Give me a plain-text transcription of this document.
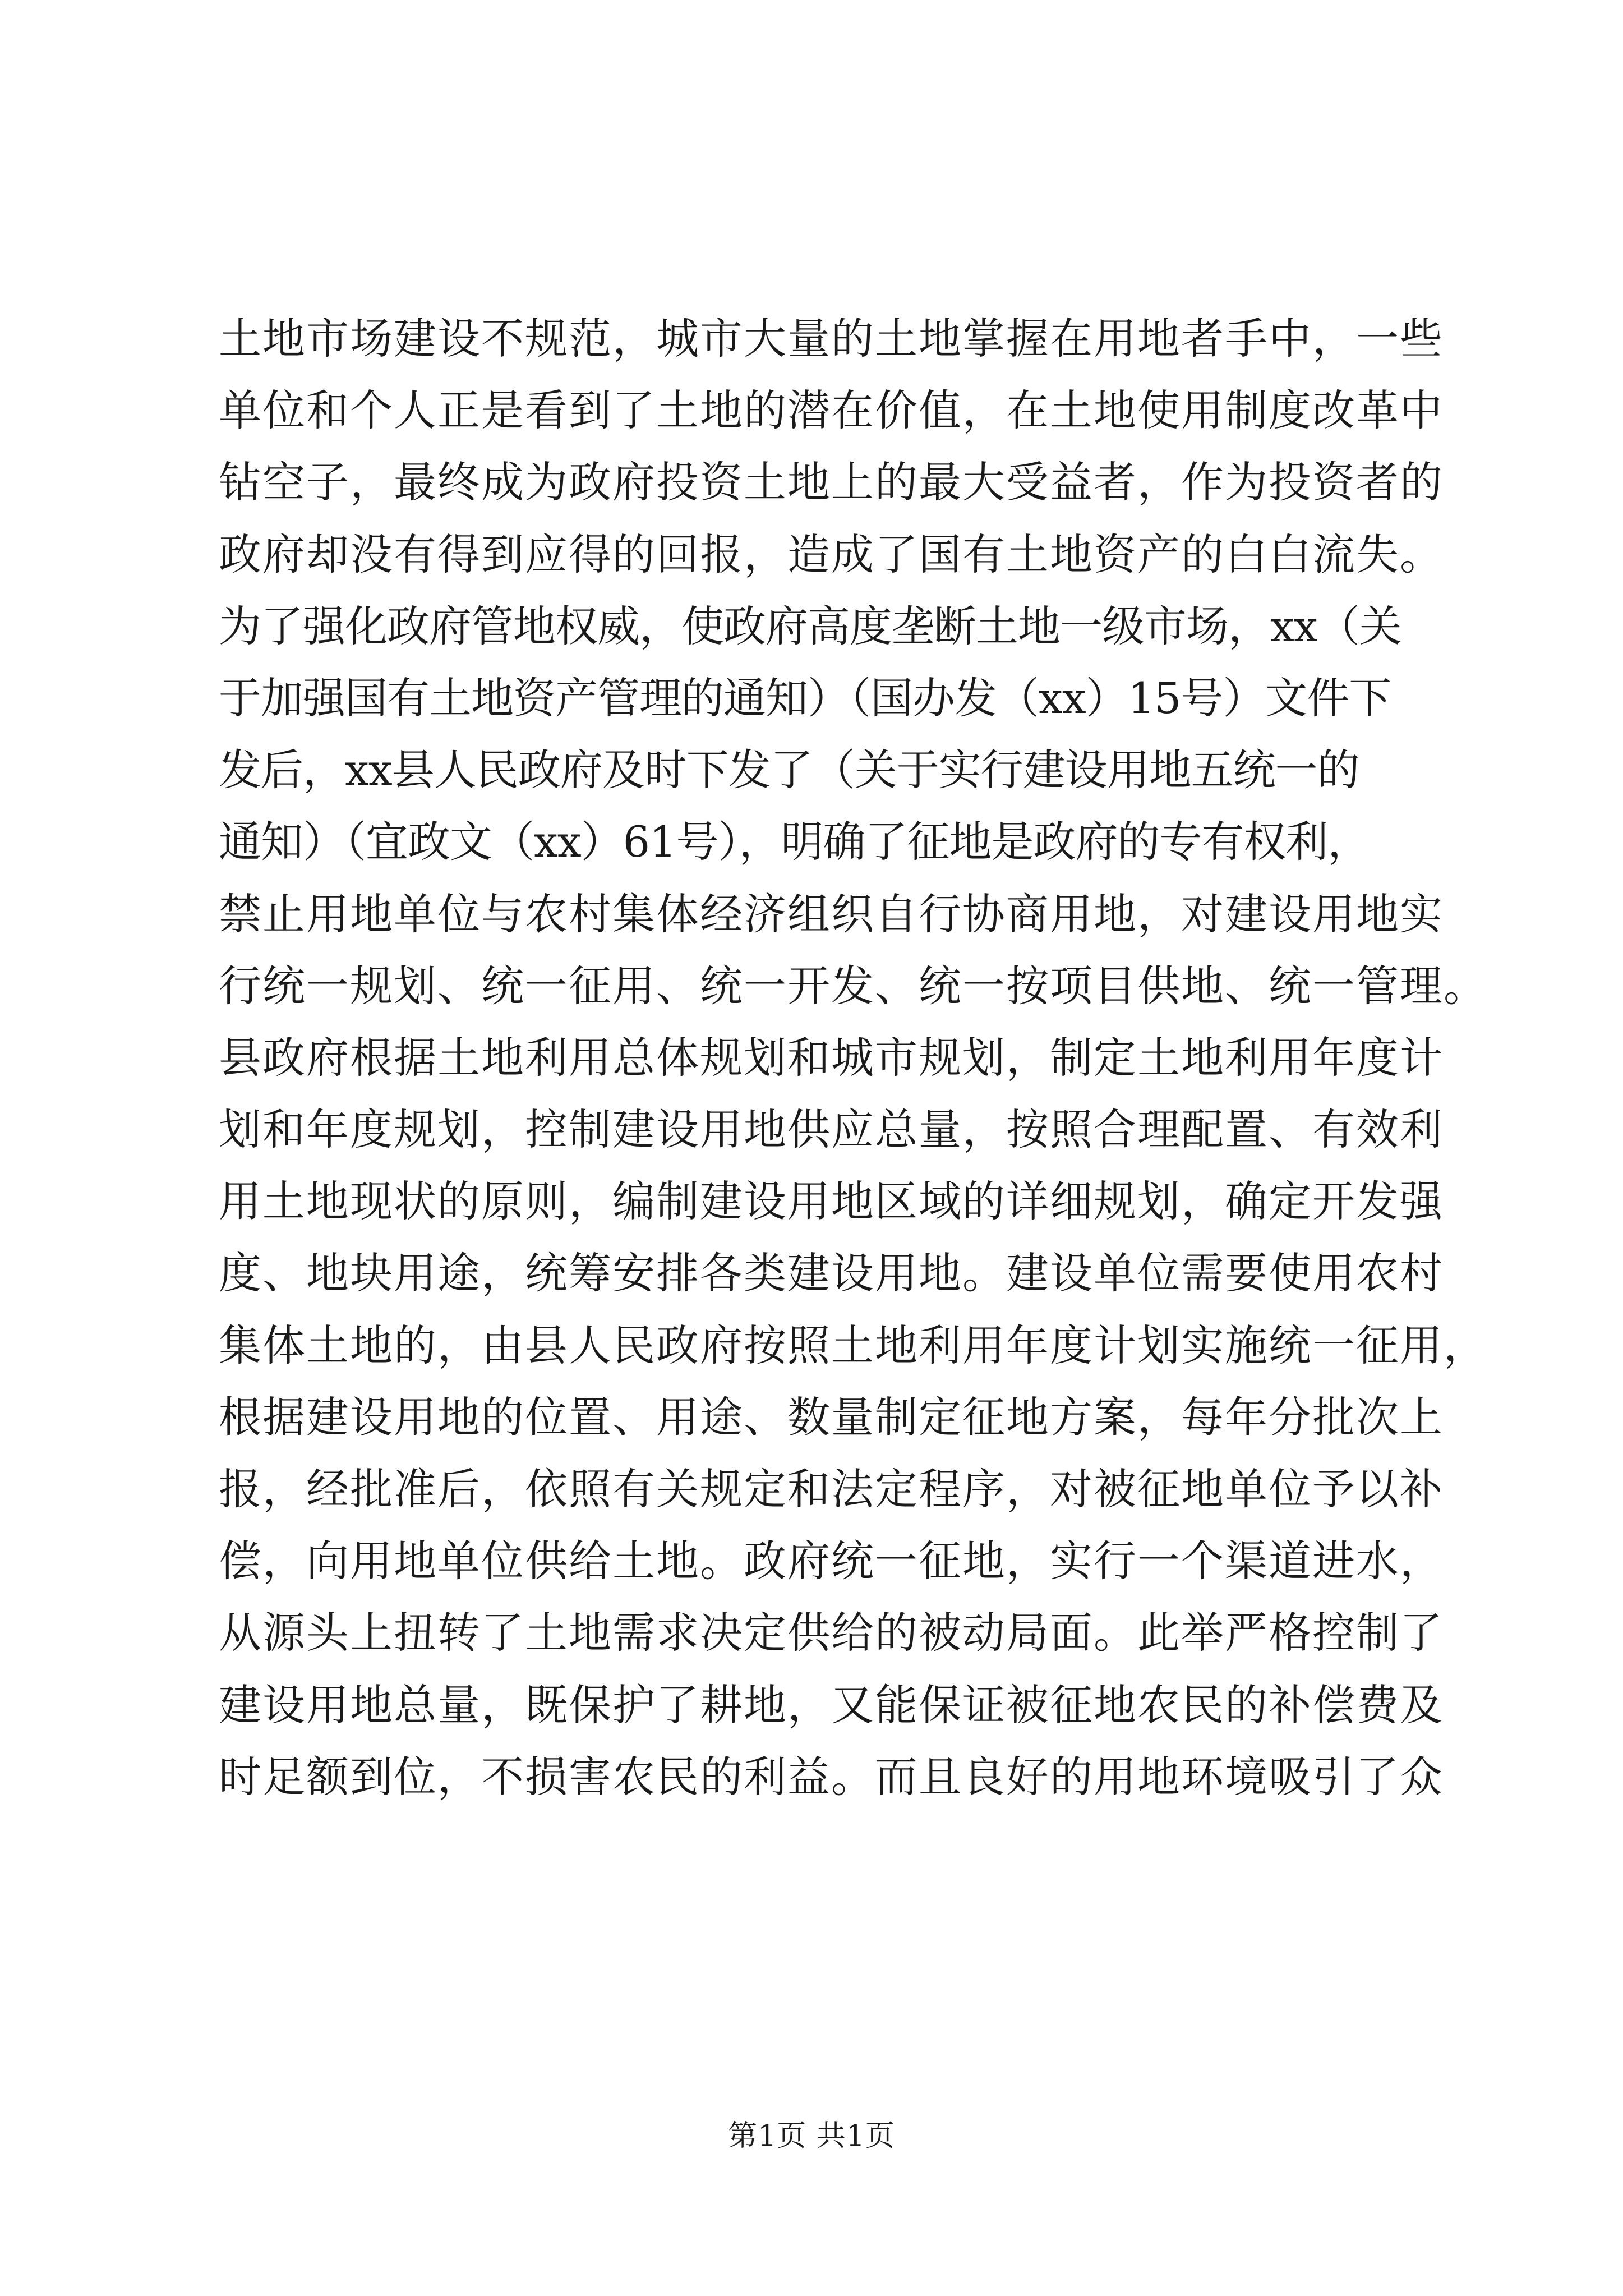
土地市场建设不规范，城市大量的土地掌握在用地者手中，一些
单位和个人正是看到了土地的潜在价值，在土地使用制度改革中
钻空子，最终成为政府投资土地上的最大受益者，作为投资者的
政府却没有得到应得的回报，造成了国有土地资产的白白流失。
为了强化政府管地权威，使政府高度垄断土地一级市场，xx（关
于加强国有土地资产管理的通知）（国办发（xx）15号）文件下
发后，xx县人民政府及时下发了（关于实行建设用地五统一的
通知）（宜政文（xx）61号），明确了征地是政府的专有权利，
禁止用地单位与农村集体经济组织自行协商用地，对建设用地实
行统一规划、统一征用、统一开发、统一按项目供地、统一管理。
县政府根据土地利用总体规划和城市规划，制定土地利用年度计
划和年度规划，控制建设用地供应总量，按照合理配置、有效利
用土地现状的原则，编制建设用地区域的详细规划，确定开发强
度、地块用途，统筹安排各类建设用地。建设单位需要使用农村
集体土地的，由县人民政府按照土地利用年度计划实施统一征用，
根据建设用地的位置、用途、数量制定征地方案，每年分批次上
报，经批准后，依照有关规定和法定程序，对被征地单位予以补
偿，向用地单位供给土地。政府统一征地，实行一个渠道进水，
从源头上扭转了土地需求决定供给的被动局面。此举严格控制了
建设用地总量，既保护了耕地，又能保证被征地农民的补偿费及
时足额到位，不损害农民的利益。而且良好的用地环境吸引了众
第1页 共1页
